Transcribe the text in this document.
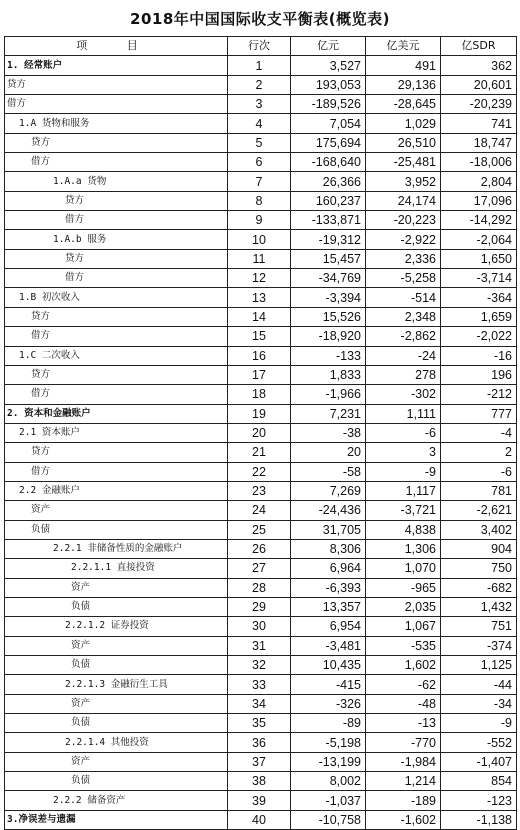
2018年中国国际收支平衡表(概览表)
项 目	行次	亿元	亿美元	亿SDR
1. 经常账户	1	3,527	491	362
贷方	2	193,053	29,136	20,601
借方	3	-189,526	-28,645	-20,239
1.A 货物和服务	4	7,054	1,029	741
贷方	5	175,694	26,510	18,747
借方	6	-168,640	-25,481	-18,006
1.A.a 货物	7	26,366	3,952	2,804
贷方	8	160,237	24,174	17,096
借方	9	-133,871	-20,223	-14,292
1.A.b 服务	10	-19,312	-2,922	-2,064
贷方	11	15,457	2,336	1,650
借方	12	-34,769	-5,258	-3,714
1.B 初次收入	13	-3,394	-514	-364
贷方	14	15,526	2,348	1,659
借方	15	-18,920	-2,862	-2,022
1.C 二次收入	16	-133	-24	-16
贷方	17	1,833	278	196
借方	18	-1,966	-302	-212
2. 资本和金融账户	19	7,231	1,111	777
2.1 资本账户	20	-38	-6	-4
贷方	21	20	3	2
借方	22	-58	-9	-6
2.2 金融账户	23	7,269	1,117	781
资产	24	-24,436	-3,721	-2,621
负债	25	31,705	4,838	3,402
2.2.1 非储备性质的金融账户	26	8,306	1,306	904
2.2.1.1 直接投资	27	6,964	1,070	750
资产	28	-6,393	-965	-682
负债	29	13,357	2,035	1,432
2.2.1.2 证券投资	30	6,954	1,067	751
资产	31	-3,481	-535	-374
负债	32	10,435	1,602	1,125
2.2.1.3 金融衍生工具	33	-415	-62	-44
资产	34	-326	-48	-34
负债	35	-89	-13	-9
2.2.1.4 其他投资	36	-5,198	-770	-552
资产	37	-13,199	-1,984	-1,407
负债	38	8,002	1,214	854
2.2.2 储备资产	39	-1,037	-189	-123
3.净误差与遗漏	40	-10,758	-1,602	-1,138
